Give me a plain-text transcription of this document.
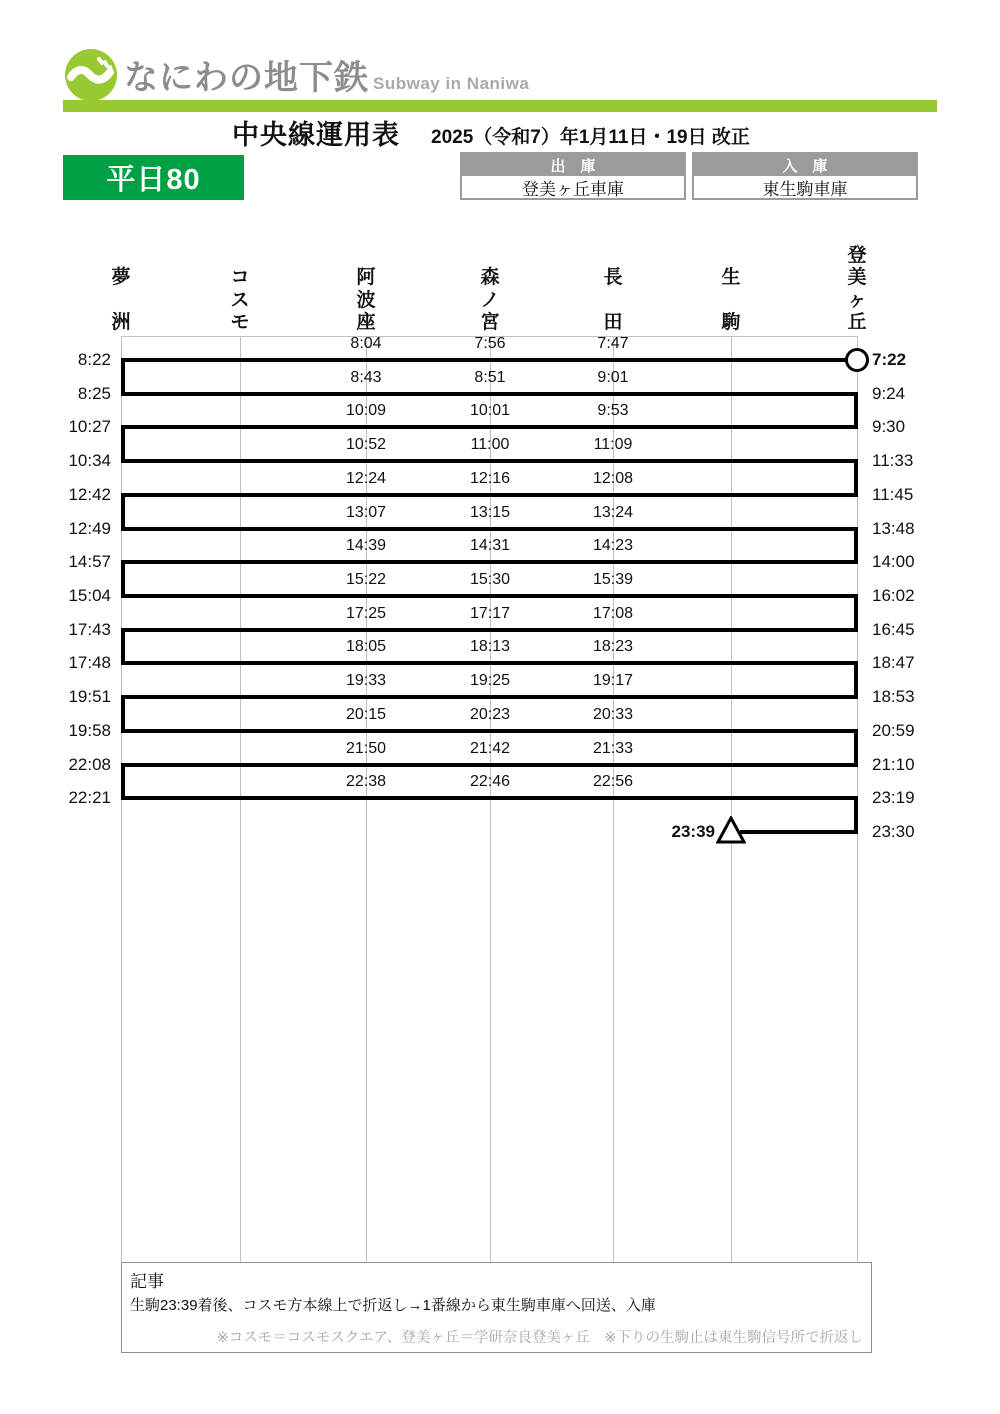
なにわの地下鉄 Subway in Naniwa
中央線運用表 2025（令和7）年1月11日・19日 改正
平日80	出　庫
登美ヶ丘車庫
入　庫
東生駒車庫
夢
洲
コ
ス
モ
阿
波
座
森
ノ
宮
長
田
生
駒
登
美
ヶ
丘
8:22	7:22
8:04	7:56	7:47
8:25	9:24
8:43	8:51	9:01
10:27	9:30
10:09	10:01	9:53
10:34	11:33
10:52	11:00	11:09
12:42	11:45
12:24	12:16	12:08
12:49	13:48
13:07	13:15	13:24
14:57	14:00
14:39	14:31	14:23
15:04	16:02
15:22	15:30	15:39
17:43	16:45
17:25	17:17	17:08
17:48	18:47
18:05	18:13	18:23
19:51	18:53
19:33	19:25	19:17
19:58	20:59
20:15	20:23	20:33
22:08	21:10
21:50	21:42	21:33
22:21	23:19
22:38	22:46	22:56
23:39	23:30
記事
生駒23:39着後、コスモ方本線上で折返し→1番線から東生駒車庫へ回送、入庫
※コスモ＝コスモスクエア、登美ヶ丘＝学研奈良登美ヶ丘　※下りの生駒止は東生駒信号所で折返し
